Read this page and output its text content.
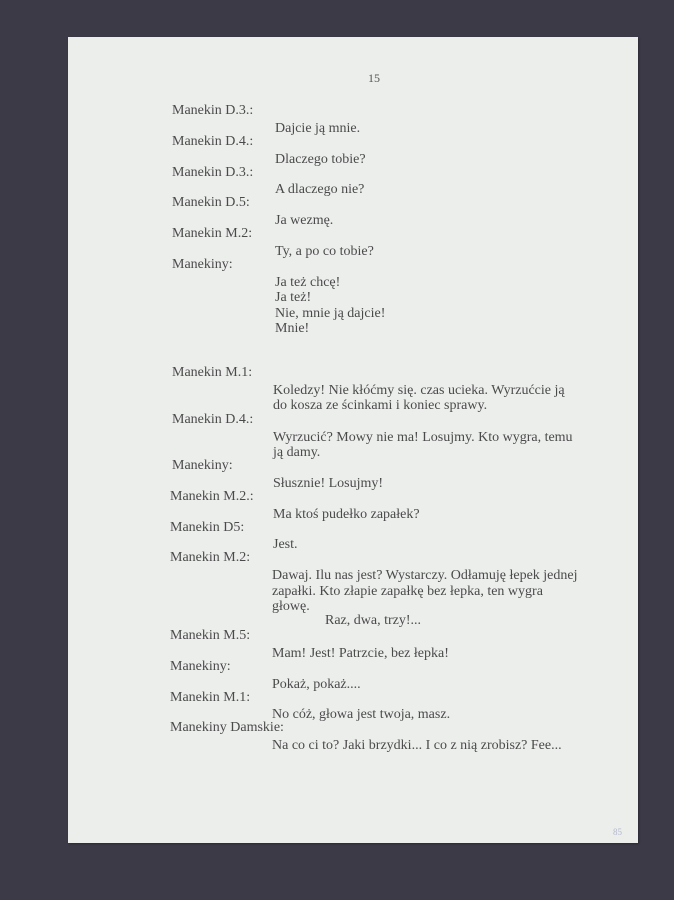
15
Manekin D.3.:
Dajcie ją mnie.
Manekin D.4.:
Dlaczego tobie?
Manekin D.3.:
A dlaczego nie?
Manekin D.5:
Ja wezmę.
Manekin M.2:
Ty, a po co tobie?
Manekiny:
Ja też chcę!
Ja też!
Nie, mnie ją dajcie!
Mnie!
Manekin M.1:
Koledzy! Nie kłóćmy się. czas ucieka. Wyrzućcie ją
do kosza ze ścinkami i koniec sprawy.
Manekin D.4.:
Wyrzucić? Mowy nie ma! Losujmy. Kto wygra, temu
ją damy.
Manekiny:
Słusznie! Losujmy!
Manekin M.2.:
Ma ktoś pudełko zapałek?
Manekin D5:
Jest.
Manekin M.2:
Dawaj. Ilu nas jest? Wystarczy. Odłamuję łepek jednej
zapałki. Kto złapie zapałkę bez łepka, ten wygra
głowę.
Raz, dwa, trzy!...
Manekin M.5:
Mam! Jest! Patrzcie, bez łepka!
Manekiny:
Pokaż, pokaż....
Manekin M.1:
No cóż, głowa jest twoja, masz.
Manekiny Damskie:
Na co ci to? Jaki brzydki... I co z nią zrobisz? Fee...
85
